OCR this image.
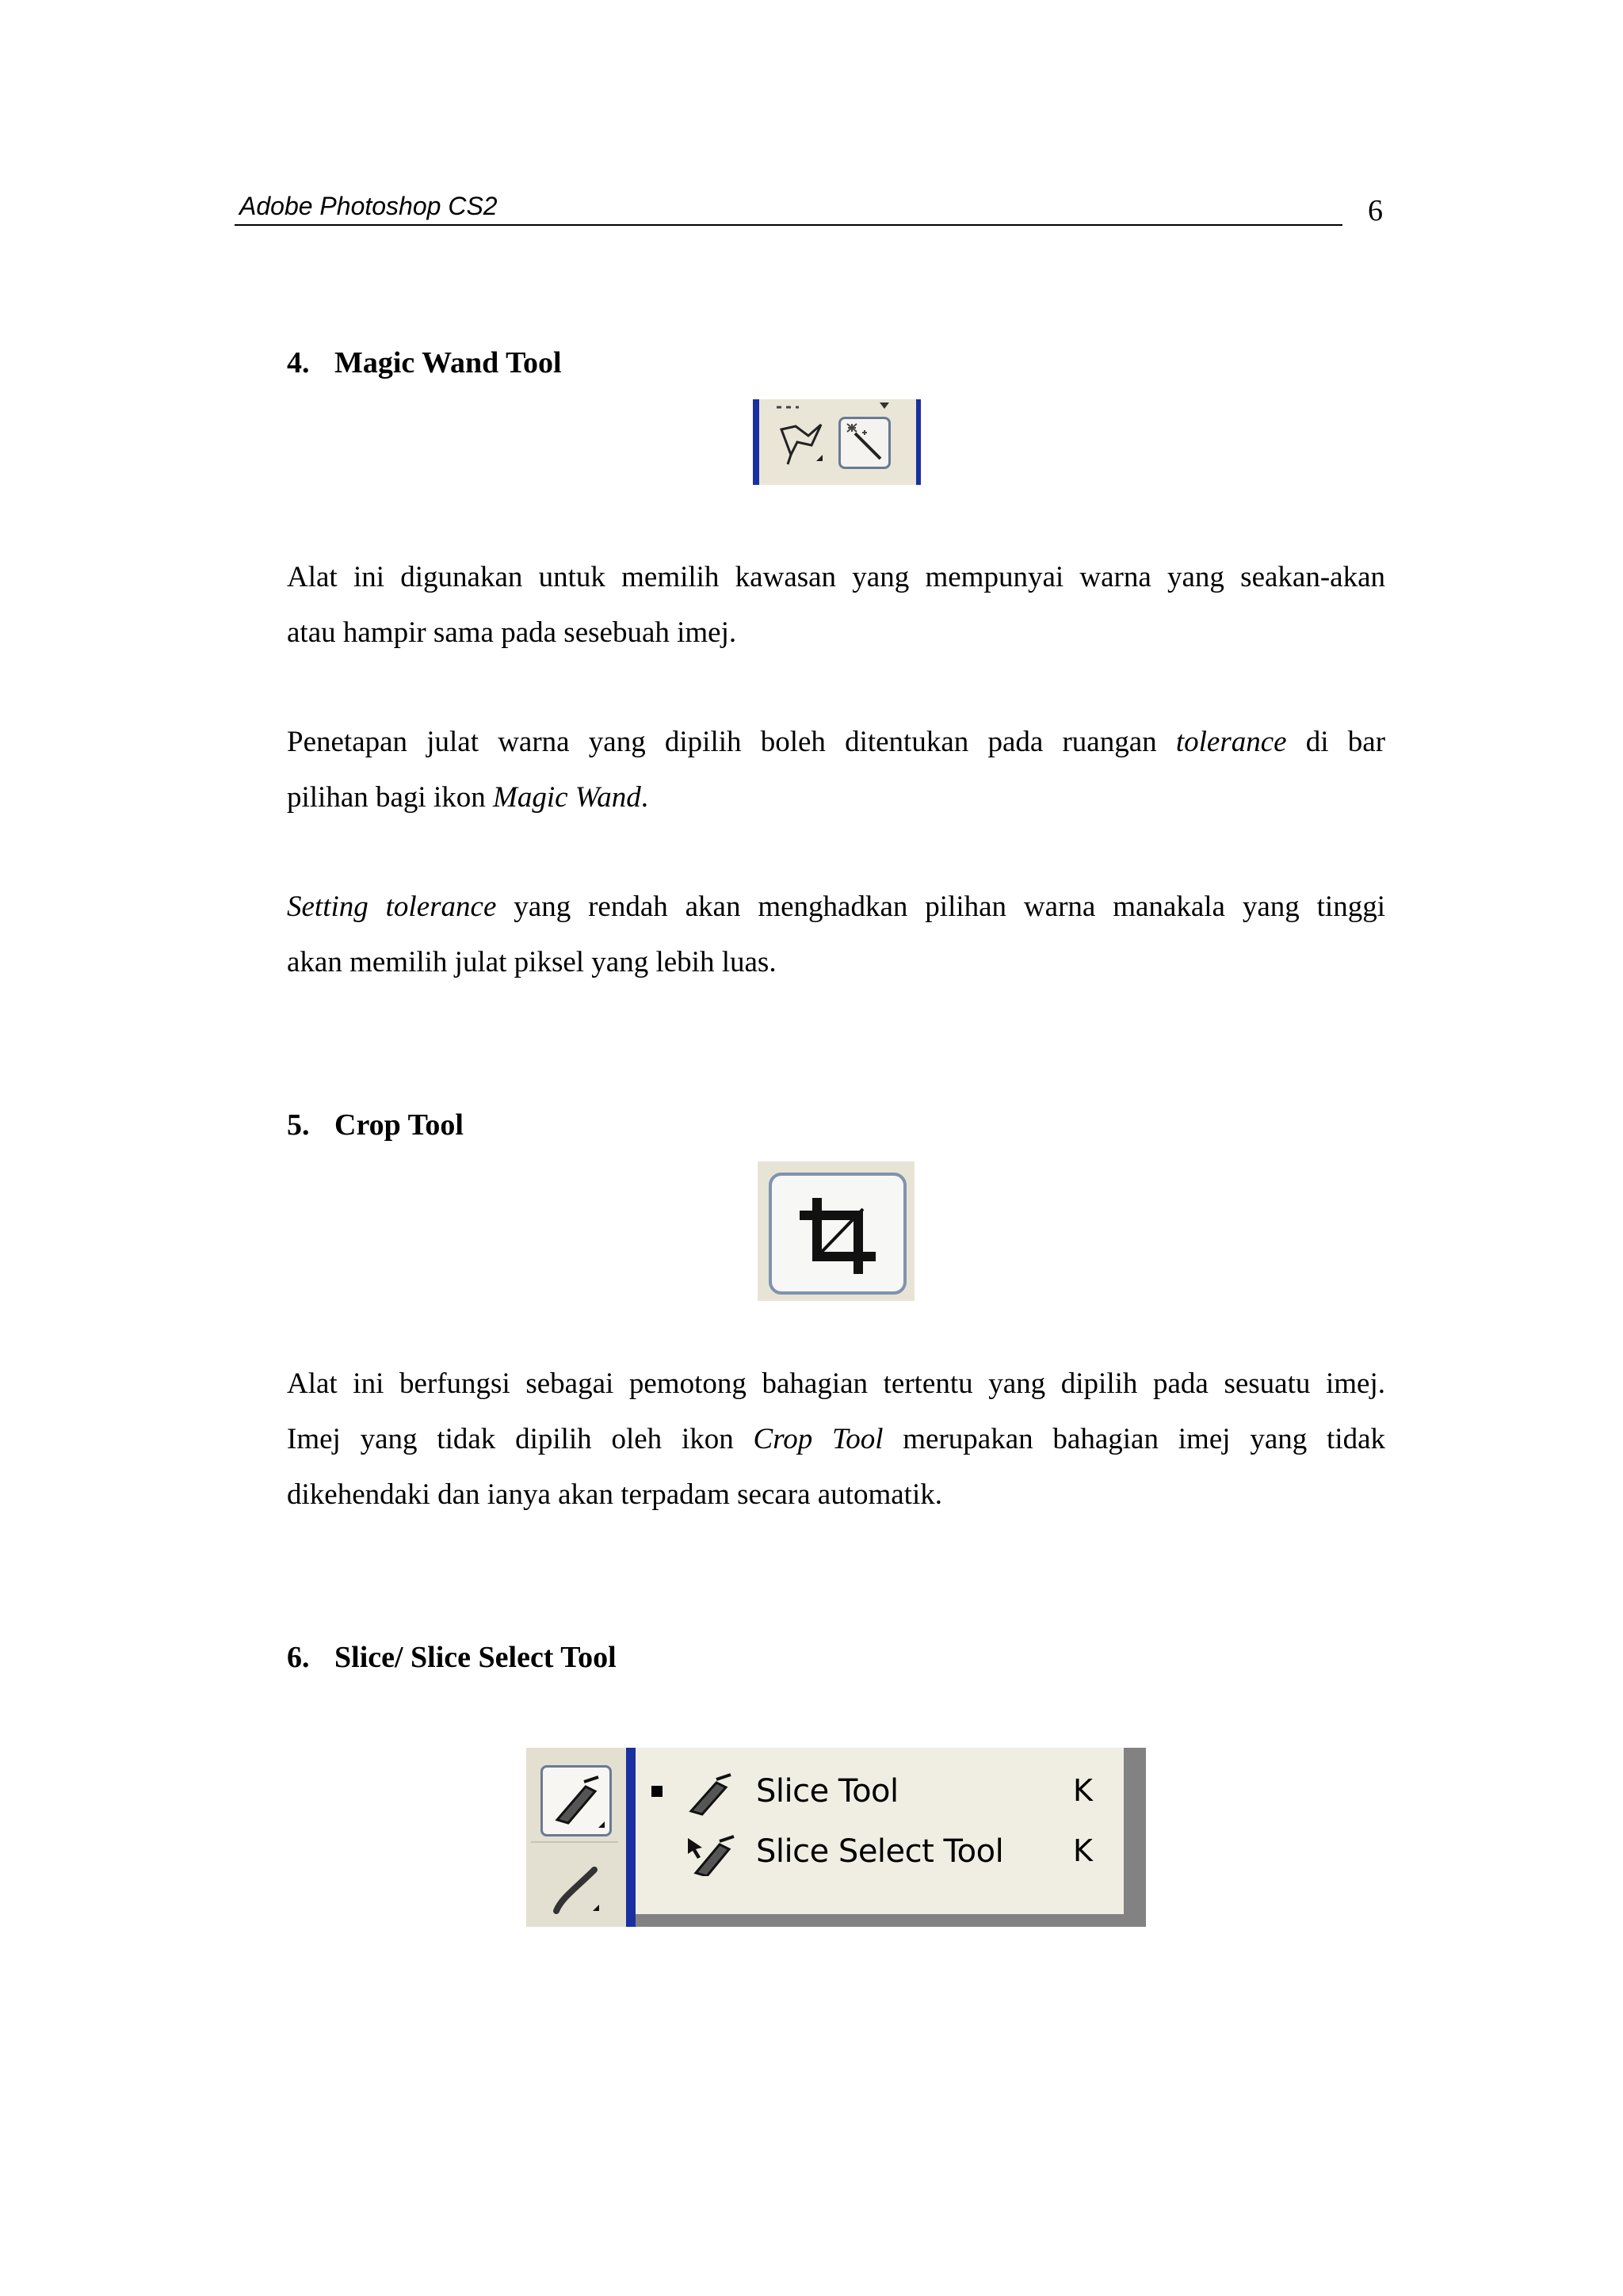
Adobe Photoshop CS2	6
4. Magic Wand Tool
Alat ini digunakan untuk memilih kawasan yang mempunyai warna yang seakan-akan
atau hampir sama pada sesebuah imej.
Penetapan julat warna yang dipilih boleh ditentukan pada ruangan tolerance di bar
pilihan bagi ikon Magic Wand.
Setting tolerance yang rendah akan menghadkan pilihan warna manakala yang tinggi
akan memilih julat piksel yang lebih luas.
5. Crop Tool
Alat ini berfungsi sebagai pemotong bahagian tertentu yang dipilih pada sesuatu imej.
Imej yang tidak dipilih oleh ikon Crop Tool merupakan bahagian imej yang tidak
dikehendaki dan ianya akan terpadam secara automatik.
6. Slice/ Slice Select Tool
Slice Tool	K
Slice Select Tool K
